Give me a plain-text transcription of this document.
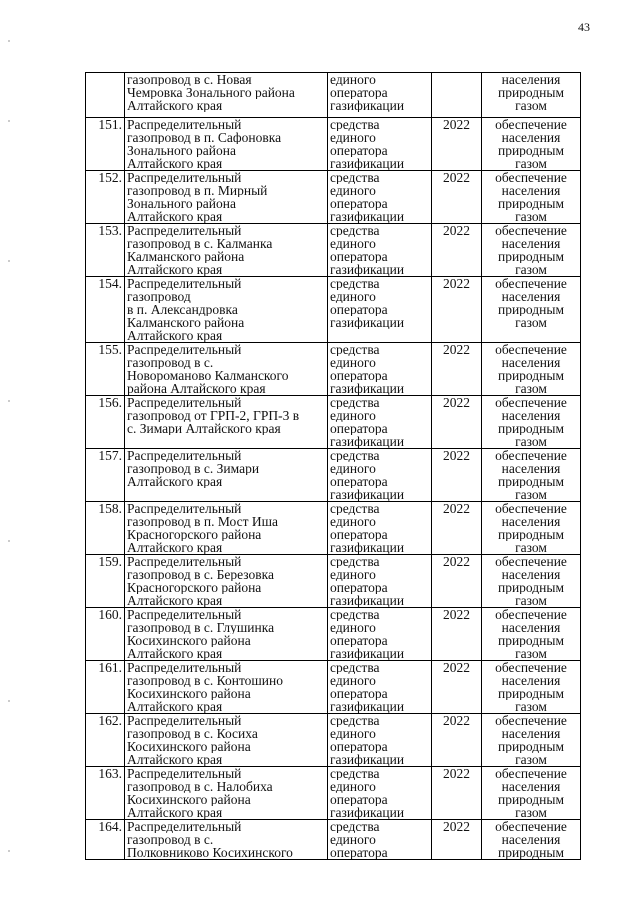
43

	газопровод в с. Новая
Чемровка Зонального района
Алтайского края	единого
оператора
газификации		населения
природным
газом

151.	Распределительный
газопровод в п. Сафоновка
Зонального района
Алтайского края	средства
единого
оператора
газификации	2022	обеспечение
населения
природным
газом

152.	Распределительный
газопровод в п. Мирный
Зонального района
Алтайского края	средства
единого
оператора
газификации	2022	обеспечение
населения
природным
газом

153.	Распределительный
газопровод в с. Калманка
Калманского района
Алтайского края	средства
единого
оператора
газификации	2022	обеспечение
населения
природным
газом

154.	Распределительный
газопровод
в п. Александровка
Калманского района
Алтайского края	средства
единого
оператора
газификации	2022	обеспечение
населения
природным
газом

155.	Распределительный
газопровод в с.
Новороманово Калманского
района Алтайского края	средства
единого
оператора
газификации	2022	обеспечение
населения
природным
газом

156.	Распределительный
газопровод от ГРП-2, ГРП-3 в
с. Зимари Алтайского края	средства
единого
оператора
газификации	2022	обеспечение
населения
природным
газом

157.	Распределительный
газопровод в с. Зимари
Алтайского края	средства
единого
оператора
газификации	2022	обеспечение
населения
природным
газом

158.	Распределительный
газопровод в п. Мост Иша
Красногорского района
Алтайского края	средства
единого
оператора
газификации	2022	обеспечение
населения
природным
газом

159.	Распределительный
газопровод в с. Березовка
Красногорского района
Алтайского края	средства
единого
оператора
газификации	2022	обеспечение
населения
природным
газом

160.	Распределительный
газопровод в с. Глушинка
Косихинского района
Алтайского края	средства
единого
оператора
газификации	2022	обеспечение
населения
природным
газом

161.	Распределительный
газопровод в с. Контошино
Косихинского района
Алтайского края	средства
единого
оператора
газификации	2022	обеспечение
населения
природным
газом

162.	Распределительный
газопровод в с. Косиха
Косихинского района
Алтайского края	средства
единого
оператора
газификации	2022	обеспечение
населения
природным
газом

163.	Распределительный
газопровод в с. Налобиха
Косихинского района
Алтайского края	средства
единого
оператора
газификации	2022	обеспечение
населения
природным
газом

164.	Распределительный
газопровод в с.
Полковниково Косихинского	средства
единого
оператора	2022	обеспечение
населения
природным
